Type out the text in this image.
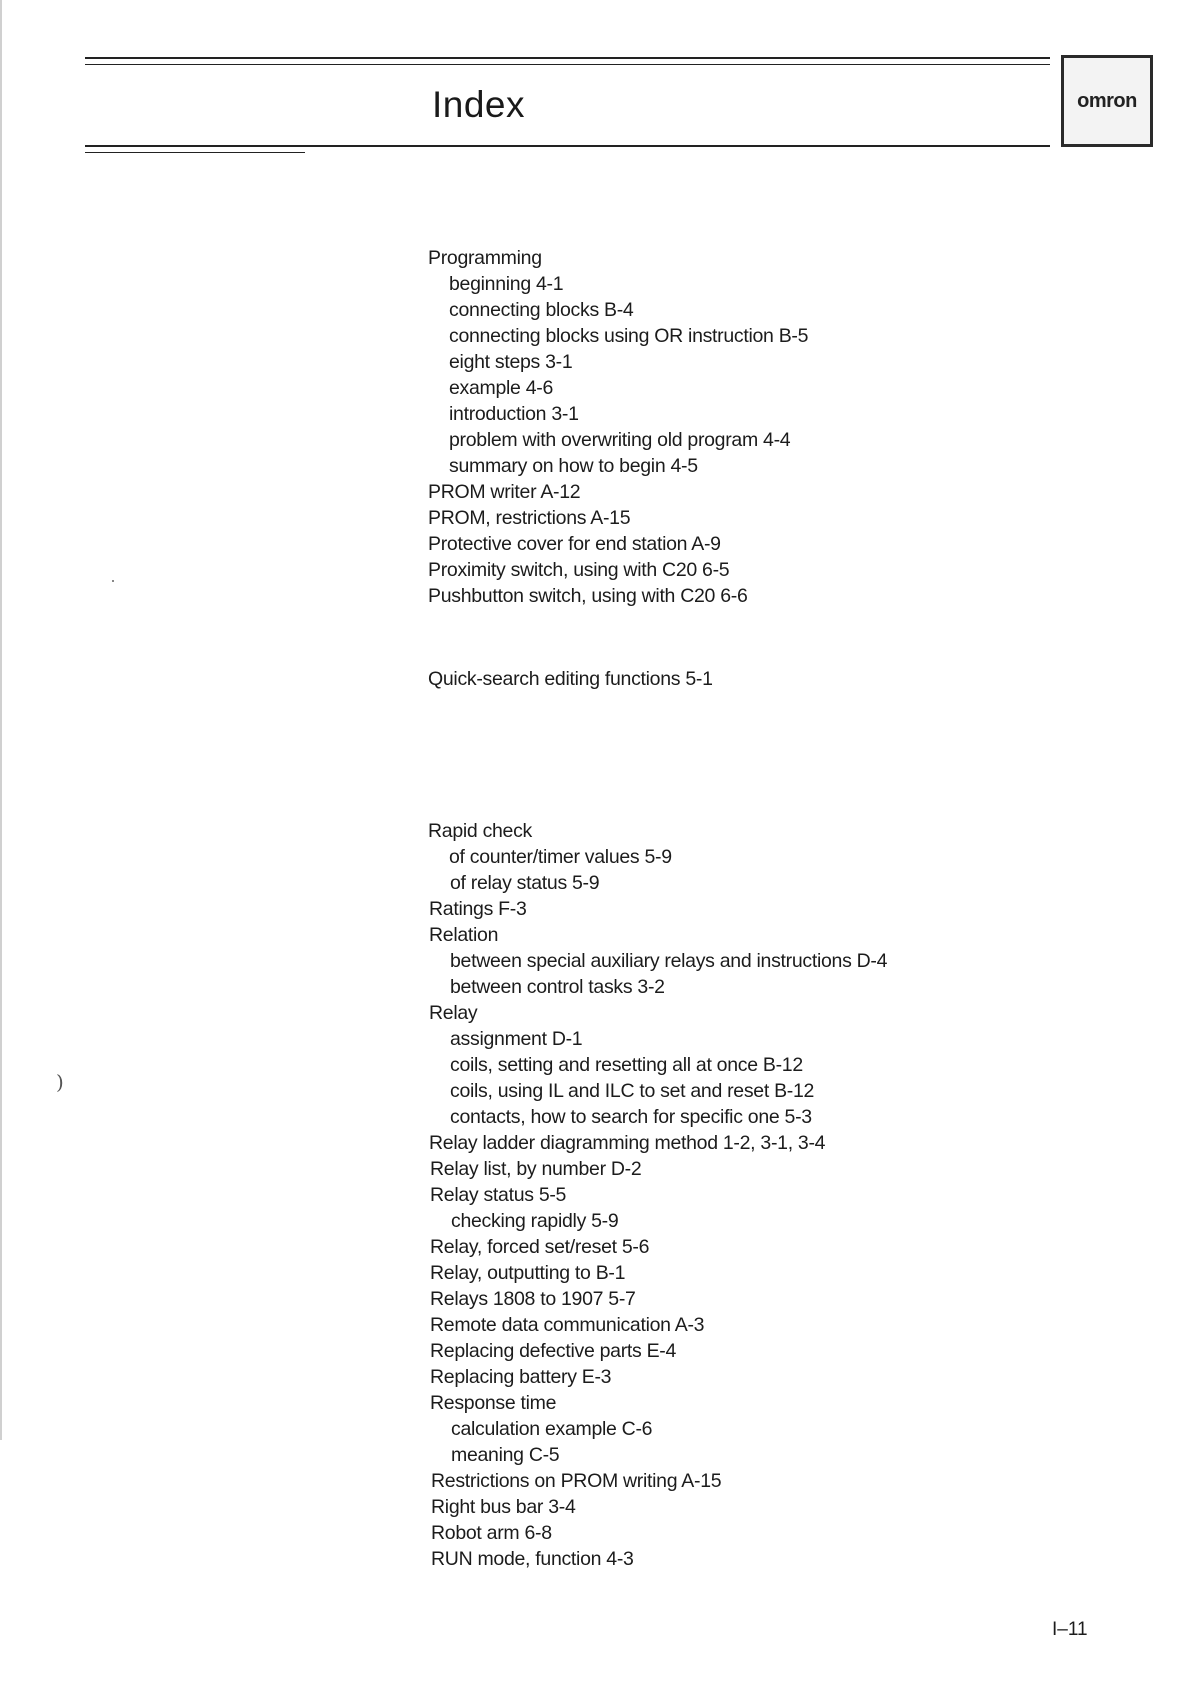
Index	omron
Programming
beginning 4-1
connecting blocks B-4
connecting blocks using OR instruction B-5
eight steps 3-1
example 4-6
introduction 3-1
problem with overwriting old program 4-4
summary on how to begin 4-5
PROM writer A-12
PROM, restrictions A-15
Protective cover for end station A-9
Proximity switch, using with C20 6-5
Pushbutton switch, using with C20 6-6
Quick-search editing functions 5-1
Rapid check
of counter/timer values 5-9
of relay status 5-9
Ratings F-3
Relation
between special auxiliary relays and instructions D-4
between control tasks 3-2
Relay
assignment D-1
coils, setting and resetting all at once B-12
coils, using IL and ILC to set and reset B-12
contacts, how to search for specific one 5-3
Relay ladder diagramming method 1-2, 3-1, 3-4
Relay list, by number D-2
Relay status 5-5
checking rapidly 5-9
Relay, forced set/reset 5-6
Relay, outputting to B-1
Relays 1808 to 1907 5-7
Remote data communication A-3
Replacing defective parts E-4
Replacing battery E-3
Response time
calculation example C-6
meaning C-5
Restrictions on PROM writing A-15
Right bus bar 3-4
Robot arm 6-8
RUN mode, function 4-3
)
I–11
